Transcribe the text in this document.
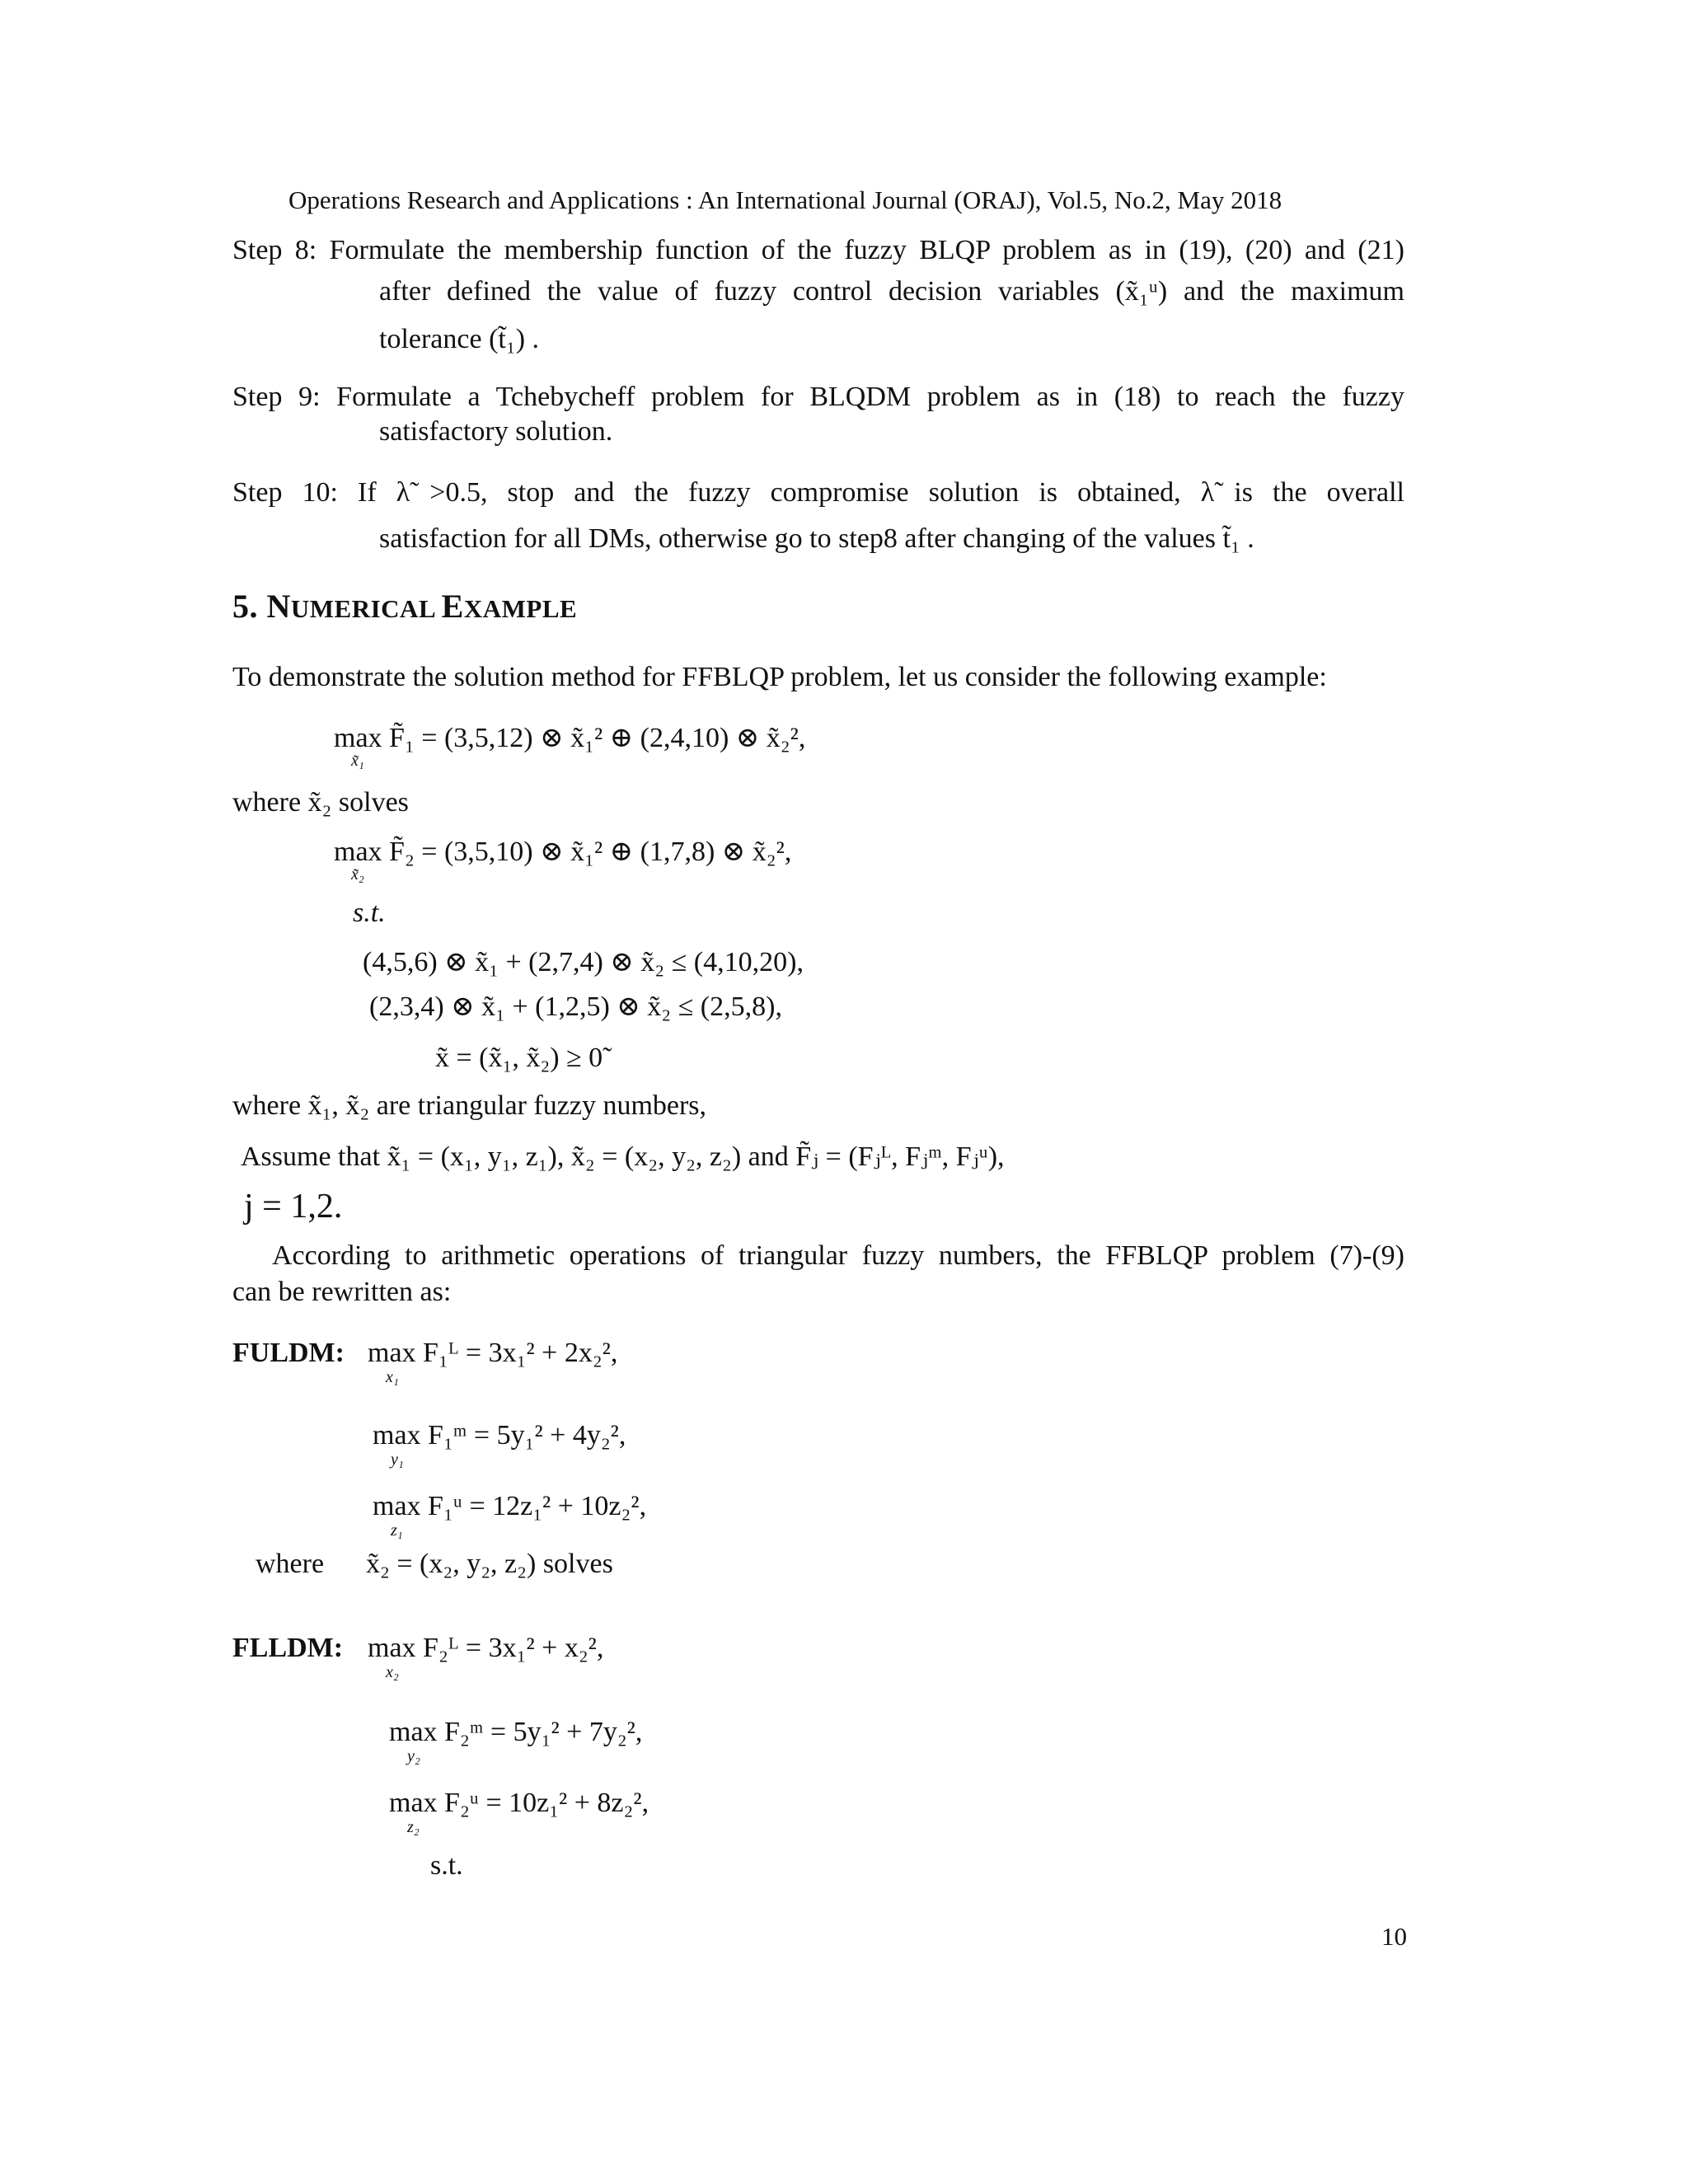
Operations Research and Applications : An International Journal (ORAJ), Vol.5, No.2, May 2018
Step 8: Formulate the membership function of the fuzzy BLQP problem as in (19), (20) and (21)
after defined the value of fuzzy control decision variables (x̃₁ᵘ) and the maximum
tolerance (t̃₁) .
Step 9: Formulate a Tchebycheff problem for BLQDM problem as in (18) to reach the fuzzy
satisfactory solution.
Step 10: If λ̃ >0.5, stop and the fuzzy compromise solution is obtained, λ̃ is the overall
satisfaction for all DMs, otherwise go to step8 after changing of the values t̃₁ .
5. NUMERICAL EXAMPLE
To demonstrate the solution method for FFBLQP problem, let us consider the following example:
max F̃₁ = (3,5,12) ⊗ x̃₁² ⊕ (2,4,10) ⊗ x̃₂²,
x̃₁
where x̃₂ solves
max F̃₂ = (3,5,10) ⊗ x̃₁² ⊕ (1,7,8) ⊗ x̃₂²,
x̃₂
s.t.
(4,5,6) ⊗ x̃₁ + (2,7,4) ⊗ x̃₂ ≤ (4,10,20),
(2,3,4) ⊗ x̃₁ + (1,2,5) ⊗ x̃₂ ≤ (2,5,8),
x̃ = (x̃₁, x̃₂) ≥ 0̃
where x̃₁, x̃₂ are triangular fuzzy numbers,
Assume that x̃₁ = (x₁, y₁, z₁), x̃₂ = (x₂, y₂, z₂) and F̃ⱼ = (Fⱼᴸ, Fⱼᵐ, Fⱼᵘ),
j = 1,2.
According to arithmetic operations of triangular fuzzy numbers, the FFBLQP problem (7)-(9)
can be rewritten as:
FULDM: max F₁ᴸ = 3x₁² + 2x₂²,
x₁
max F₁ᵐ = 5y₁² + 4y₂²,
y₁
max F₁ᵘ = 12z₁² + 10z₂²,
z₁
where x̃₂ = (x₂, y₂, z₂) solves
FLLDM: max F₂ᴸ = 3x₁² + x₂²,
x₂
max F₂ᵐ = 5y₁² + 7y₂²,
y₂
max F₂ᵘ = 10z₁² + 8z₂²,
z₂
s.t.
10
